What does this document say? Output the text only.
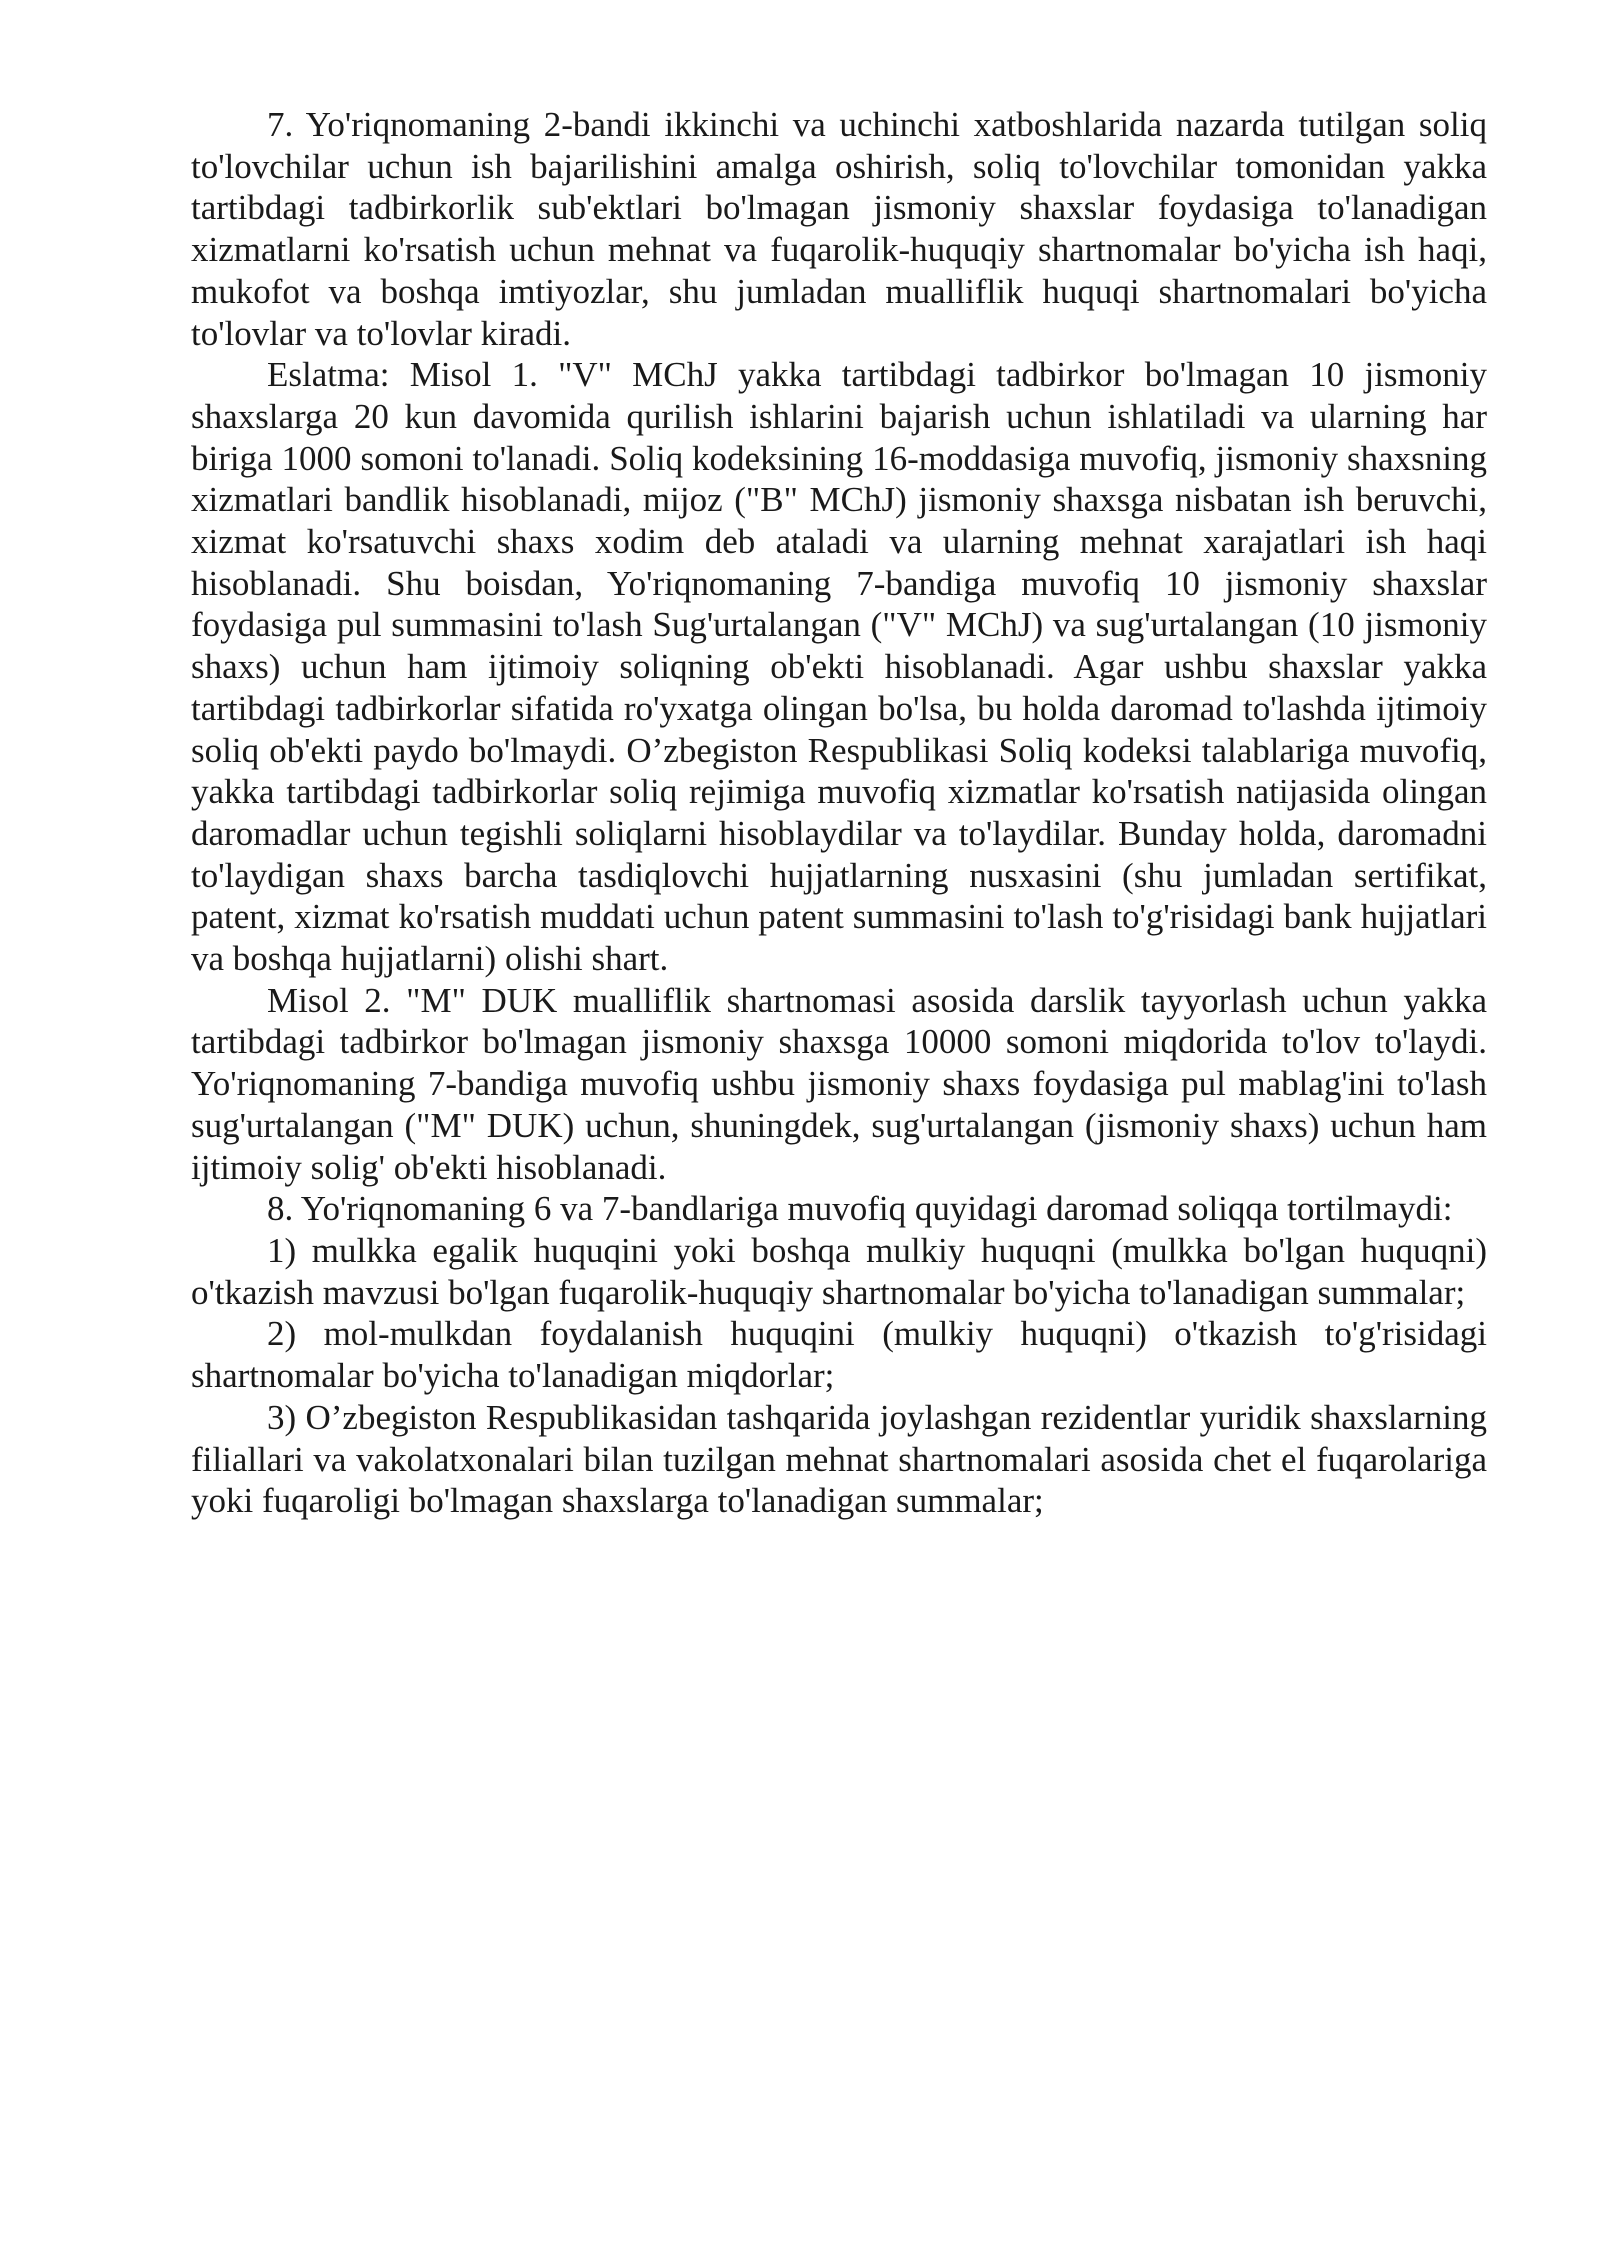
7. Yo'riqnomaning 2-bandi ikkinchi va uchinchi xatboshlarida nazarda tutilgan soliq to'lovchilar uchun ish bajarilishini amalga oshirish, soliq to'lovchilar tomonidan yakka tartibdagi tadbirkorlik sub'ektlari bo'lmagan jismoniy shaxslar foydasiga to'lanadigan xizmatlarni ko'rsatish uchun mehnat va fuqarolik-huquqiy shartnomalar bo'yicha ish haqi, mukofot va boshqa imtiyozlar, shu jumladan mualliflik huquqi shartnomalari bo'yicha to'lovlar va to'lovlar kiradi.

Eslatma: Misol 1. "V" MChJ yakka tartibdagi tadbirkor bo'lmagan 10 jismoniy shaxslarga 20 kun davomida qurilish ishlarini bajarish uchun ishlatiladi va ularning har biriga 1000 somoni to'lanadi. Soliq kodeksining 16-moddasiga muvofiq, jismoniy shaxsning xizmatlari bandlik hisoblanadi, mijoz ("B" MChJ) jismoniy shaxsga nisbatan ish beruvchi, xizmat ko'rsatuvchi shaxs xodim deb ataladi va ularning mehnat xarajatlari ish haqi hisoblanadi. Shu boisdan, Yo'riqnomaning 7-bandiga muvofiq 10 jismoniy shaxslar foydasiga pul summasini to'lash Sug'urtalangan ("V" MChJ) va sug'urtalangan (10 jismoniy shaxs) uchun ham ijtimoiy soliqning ob'ekti hisoblanadi. Agar ushbu shaxslar yakka tartibdagi tadbirkorlar sifatida ro'yxatga olingan bo'lsa, bu holda daromad to'lashda ijtimoiy soliq ob'ekti paydo bo'lmaydi. O’zbegiston Respublikasi Soliq kodeksi talablariga muvofiq, yakka tartibdagi tadbirkorlar soliq rejimiga muvofiq xizmatlar ko'rsatish natijasida olingan daromadlar uchun tegishli soliqlarni hisoblaydilar va to'laydilar. Bunday holda, daromadni to'laydigan shaxs barcha tasdiqlovchi hujjatlarning nusxasini (shu jumladan sertifikat, patent, xizmat ko'rsatish muddati uchun patent summasini to'lash to'g'risidagi bank hujjatlari va boshqa hujjatlarni) olishi shart.

Misol 2. "M" DUK mualliflik shartnomasi asosida darslik tayyorlash uchun yakka tartibdagi tadbirkor bo'lmagan jismoniy shaxsga 10000 somoni miqdorida to'lov to'laydi. Yo'riqnomaning 7-bandiga muvofiq ushbu jismoniy shaxs foydasiga pul mablag'ini to'lash sug'urtalangan ("M" DUK) uchun, shuningdek, sug'urtalangan (jismoniy shaxs) uchun ham ijtimoiy solig' ob'ekti hisoblanadi.

8. Yo'riqnomaning 6 va 7-bandlariga muvofiq quyidagi daromad soliqqa tortilmaydi:

1) mulkka egalik huquqini yoki boshqa mulkiy huquqni (mulkka bo'lgan huquqni) o'tkazish mavzusi bo'lgan fuqarolik-huquqiy shartnomalar bo'yicha to'lanadigan summalar;

2) mol-mulkdan foydalanish huquqini (mulkiy huquqni) o'tkazish to'g'risidagi shartnomalar bo'yicha to'lanadigan miqdorlar;

3) O’zbegiston Respublikasidan tashqarida joylashgan rezidentlar yuridik shaxslarning filiallari va vakolatxonalari bilan tuzilgan mehnat shartnomalari asosida chet el fuqarolariga yoki fuqaroligi bo'lmagan shaxslarga to'lanadigan summalar;
